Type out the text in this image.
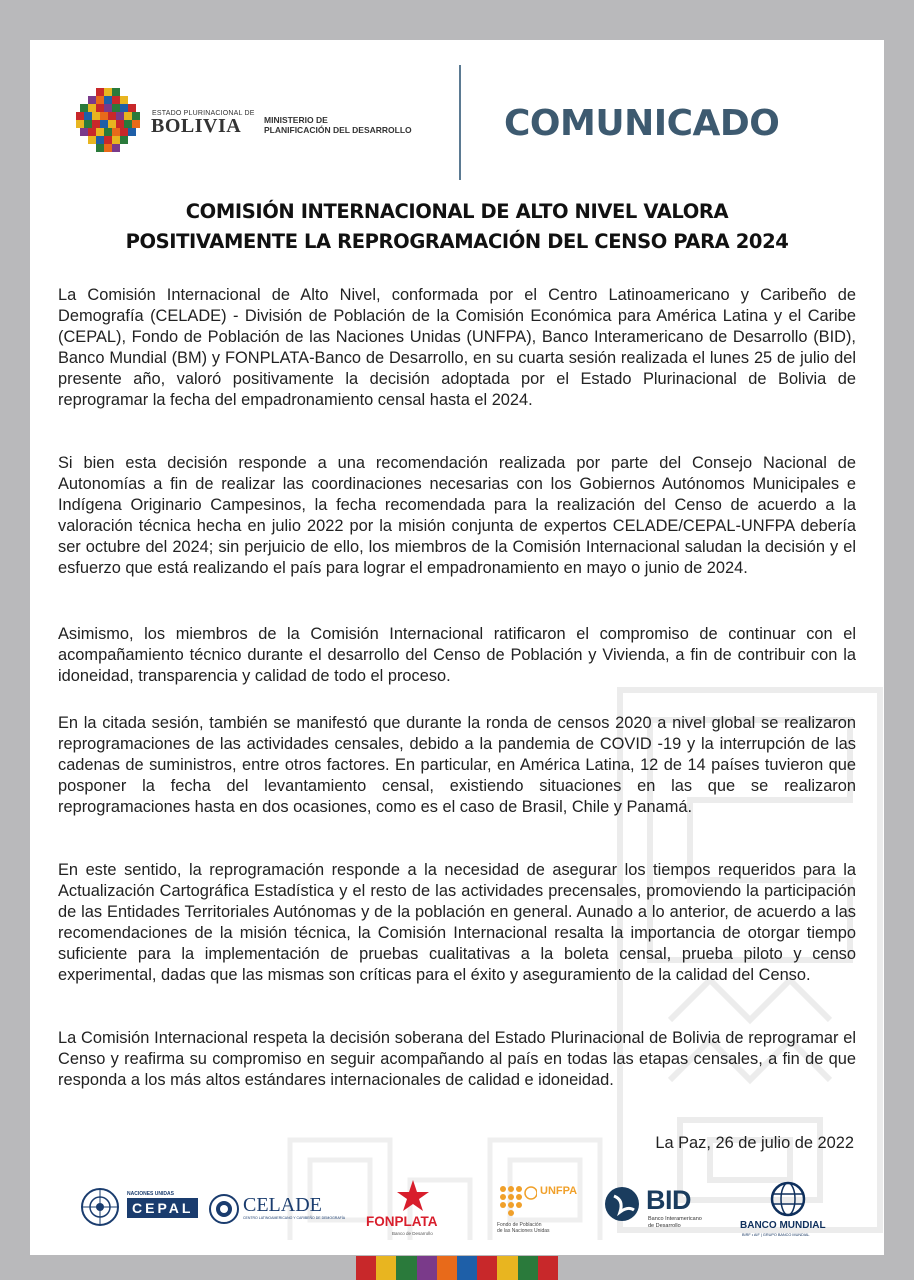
ESTADO PLURINACIONAL DE
BOLIVIA	MINISTERIO DE
PLANIFICACIÓN DEL DESARROLLO	COMUNICADO
COMISIÓN INTERNACIONAL DE ALTO NIVEL VALORA
POSITIVAMENTE LA REPROGRAMACIÓN DEL CENSO PARA 2024
La Comisión Internacional de Alto Nivel, conformada por el Centro Latinoamericano y Caribeño de Demografía (CELADE) - División de Población de la Comisión Económica para América Latina y el Caribe (CEPAL), Fondo de Población de las Naciones Unidas (UNFPA), Banco Interamericano de Desarrollo (BID), Banco Mundial (BM) y FONPLATA-Banco de Desarrollo, en su cuarta sesión realizada el lunes 25 de julio del presente año, valoró positivamente la decisión adoptada por el Estado Plurinacional de Bolivia de reprogramar la fecha del empadronamiento censal hasta el 2024.
Si bien esta decisión responde a una recomendación realizada por parte del Consejo Nacional de Autonomías a fin de realizar las coordinaciones necesarias con los Gobiernos Autónomos Municipales e Indígena Originario Campesinos, la fecha recomendada para la realización del Censo de acuerdo a la valoración técnica hecha en julio 2022 por la misión conjunta de expertos CELADE/CEPAL-UNFPA debería ser octubre del 2024; sin perjuicio de ello, los miembros de la Comisión Internacional saludan la decisión y el esfuerzo que está realizando el país para lograr el empadronamiento en mayo o junio de 2024.
Asimismo, los miembros de la Comisión Internacional ratificaron el compromiso de continuar con el acompañamiento técnico durante el desarrollo del Censo de Población y Vivienda, a fin de contribuir con la idoneidad, transparencia y calidad de todo el proceso.
En la citada sesión, también se manifestó que durante la ronda de censos 2020 a nivel global se realizaron reprogramaciones de las actividades censales, debido a la pandemia de COVID -19 y la interrupción de las cadenas de suministros, entre otros factores. En particular, en América Latina, 12 de 14 países tuvieron que posponer la fecha del levantamiento censal, existiendo situaciones en las que se realizaron reprogramaciones hasta en dos ocasiones, como es el caso de Brasil, Chile y Panamá.
En este sentido, la reprogramación responde a la necesidad de asegurar los tiempos requeridos para la Actualización Cartográfica Estadística y el resto de las actividades precensales, promoviendo la participación de las Entidades Territoriales Autónomas y de la población en general. Aunado a lo anterior, de acuerdo a las recomendaciones de la misión técnica, la Comisión Internacional resalta la importancia de otorgar tiempo suficiente para la implementación de pruebas cualitativas a la boleta censal, prueba piloto y censo experimental, dadas que las mismas son críticas para el éxito y aseguramiento de la calidad del Censo.
La Comisión Internacional respeta la decisión soberana del Estado Plurinacional de Bolivia de reprogramar el Censo y reafirma su compromiso en seguir acompañando al país en todas las etapas censales, a fin de que responda a los más altos estándares internacionales de calidad e idoneidad.
La Paz, 26 de julio de 2022
NACIONES UNIDAS
CEPAL CELADE
CENTRO LATINOAMERICANO Y CARIBEÑO DE DEMOGRAFÍA FONPLATA
Banco de Desarrollo
UNFPA
Fondo de Población
de las Naciones Unidas
BID
Banco Interamericano
de Desarrollo	BANCO MUNDIAL
BIRF • AIF | GRUPO BANCO MUNDIAL
